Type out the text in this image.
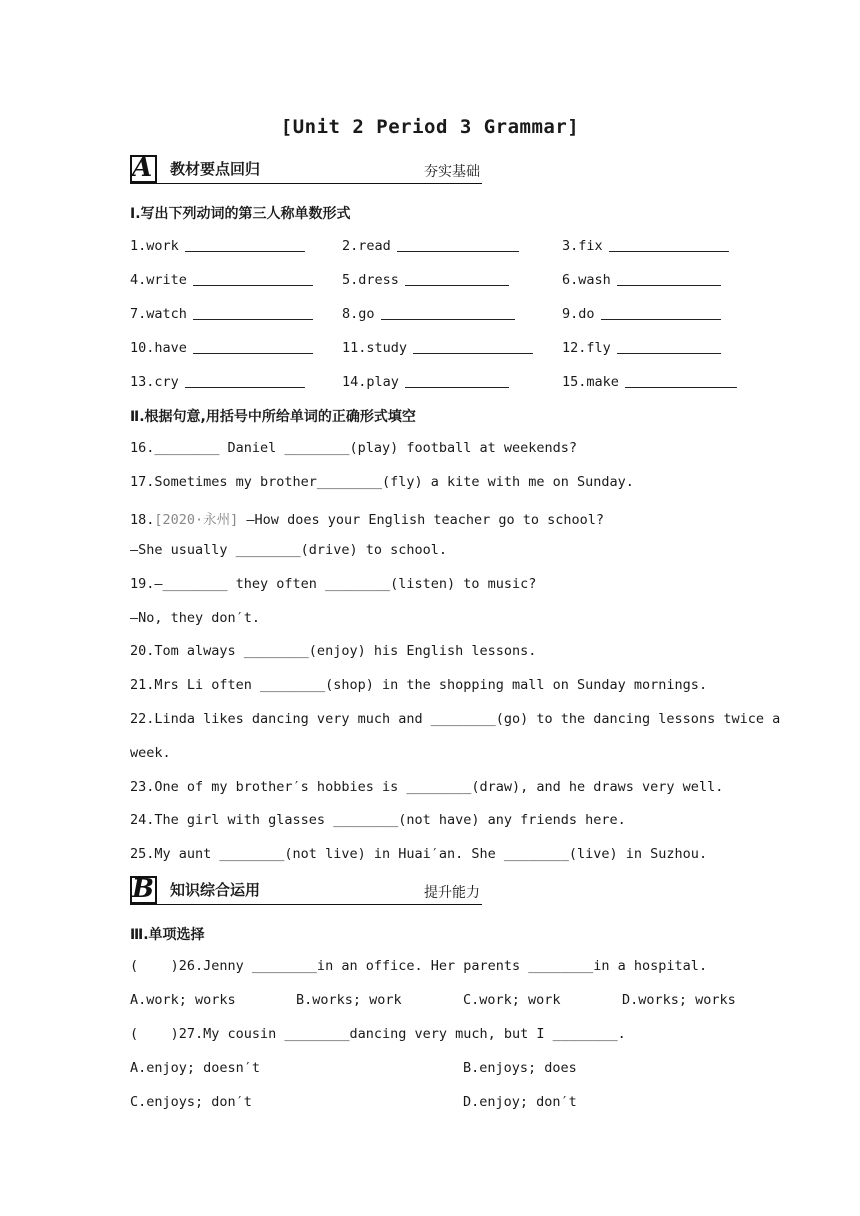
[Unit 2 Period 3 Grammar]
A 教材要点回归	夯实基础
Ⅰ.写出下列动词的第三人称单数形式
1.work	2.read	3.fix
4.write	5.dress	6.wash
7.watch	8.go	9.do
10.have	11.study	12.fly
13.cry	14.play	15.make
Ⅱ.根据句意,用括号中所给单词的正确形式填空
16.________ Daniel ________(play) football at weekends?
17.Sometimes my brother________(fly) a kite with me on Sunday.
18.[2020·永州] —How does your English teacher go to school?
—She usually ________(drive) to school.
19.—________ they often ________(listen) to music?
—No, they don′t.
20.Tom always ________(enjoy) his English lessons.
21.Mrs Li often ________(shop) in the shopping mall on Sunday mornings.
22.Linda likes dancing very much and ________(go) to the dancing lessons twice a
week.
23.One of my brother′s hobbies is ________(draw), and he draws very well.
24.The girl with glasses ________(not have) any friends here.
25.My aunt ________(not live) in Huai′an. She ________(live) in Suzhou.
B 知识综合运用	提升能力
Ⅲ.单项选择
(    )26.Jenny ________in an office. Her parents ________in a hospital.
A.work; works	B.works; work	C.work; work	D.works; works
(    )27.My cousin ________dancing very much, but I ________.
A.enjoy; doesn′t	B.enjoys; does
C.enjoys; don′t	D.enjoy; don′t
